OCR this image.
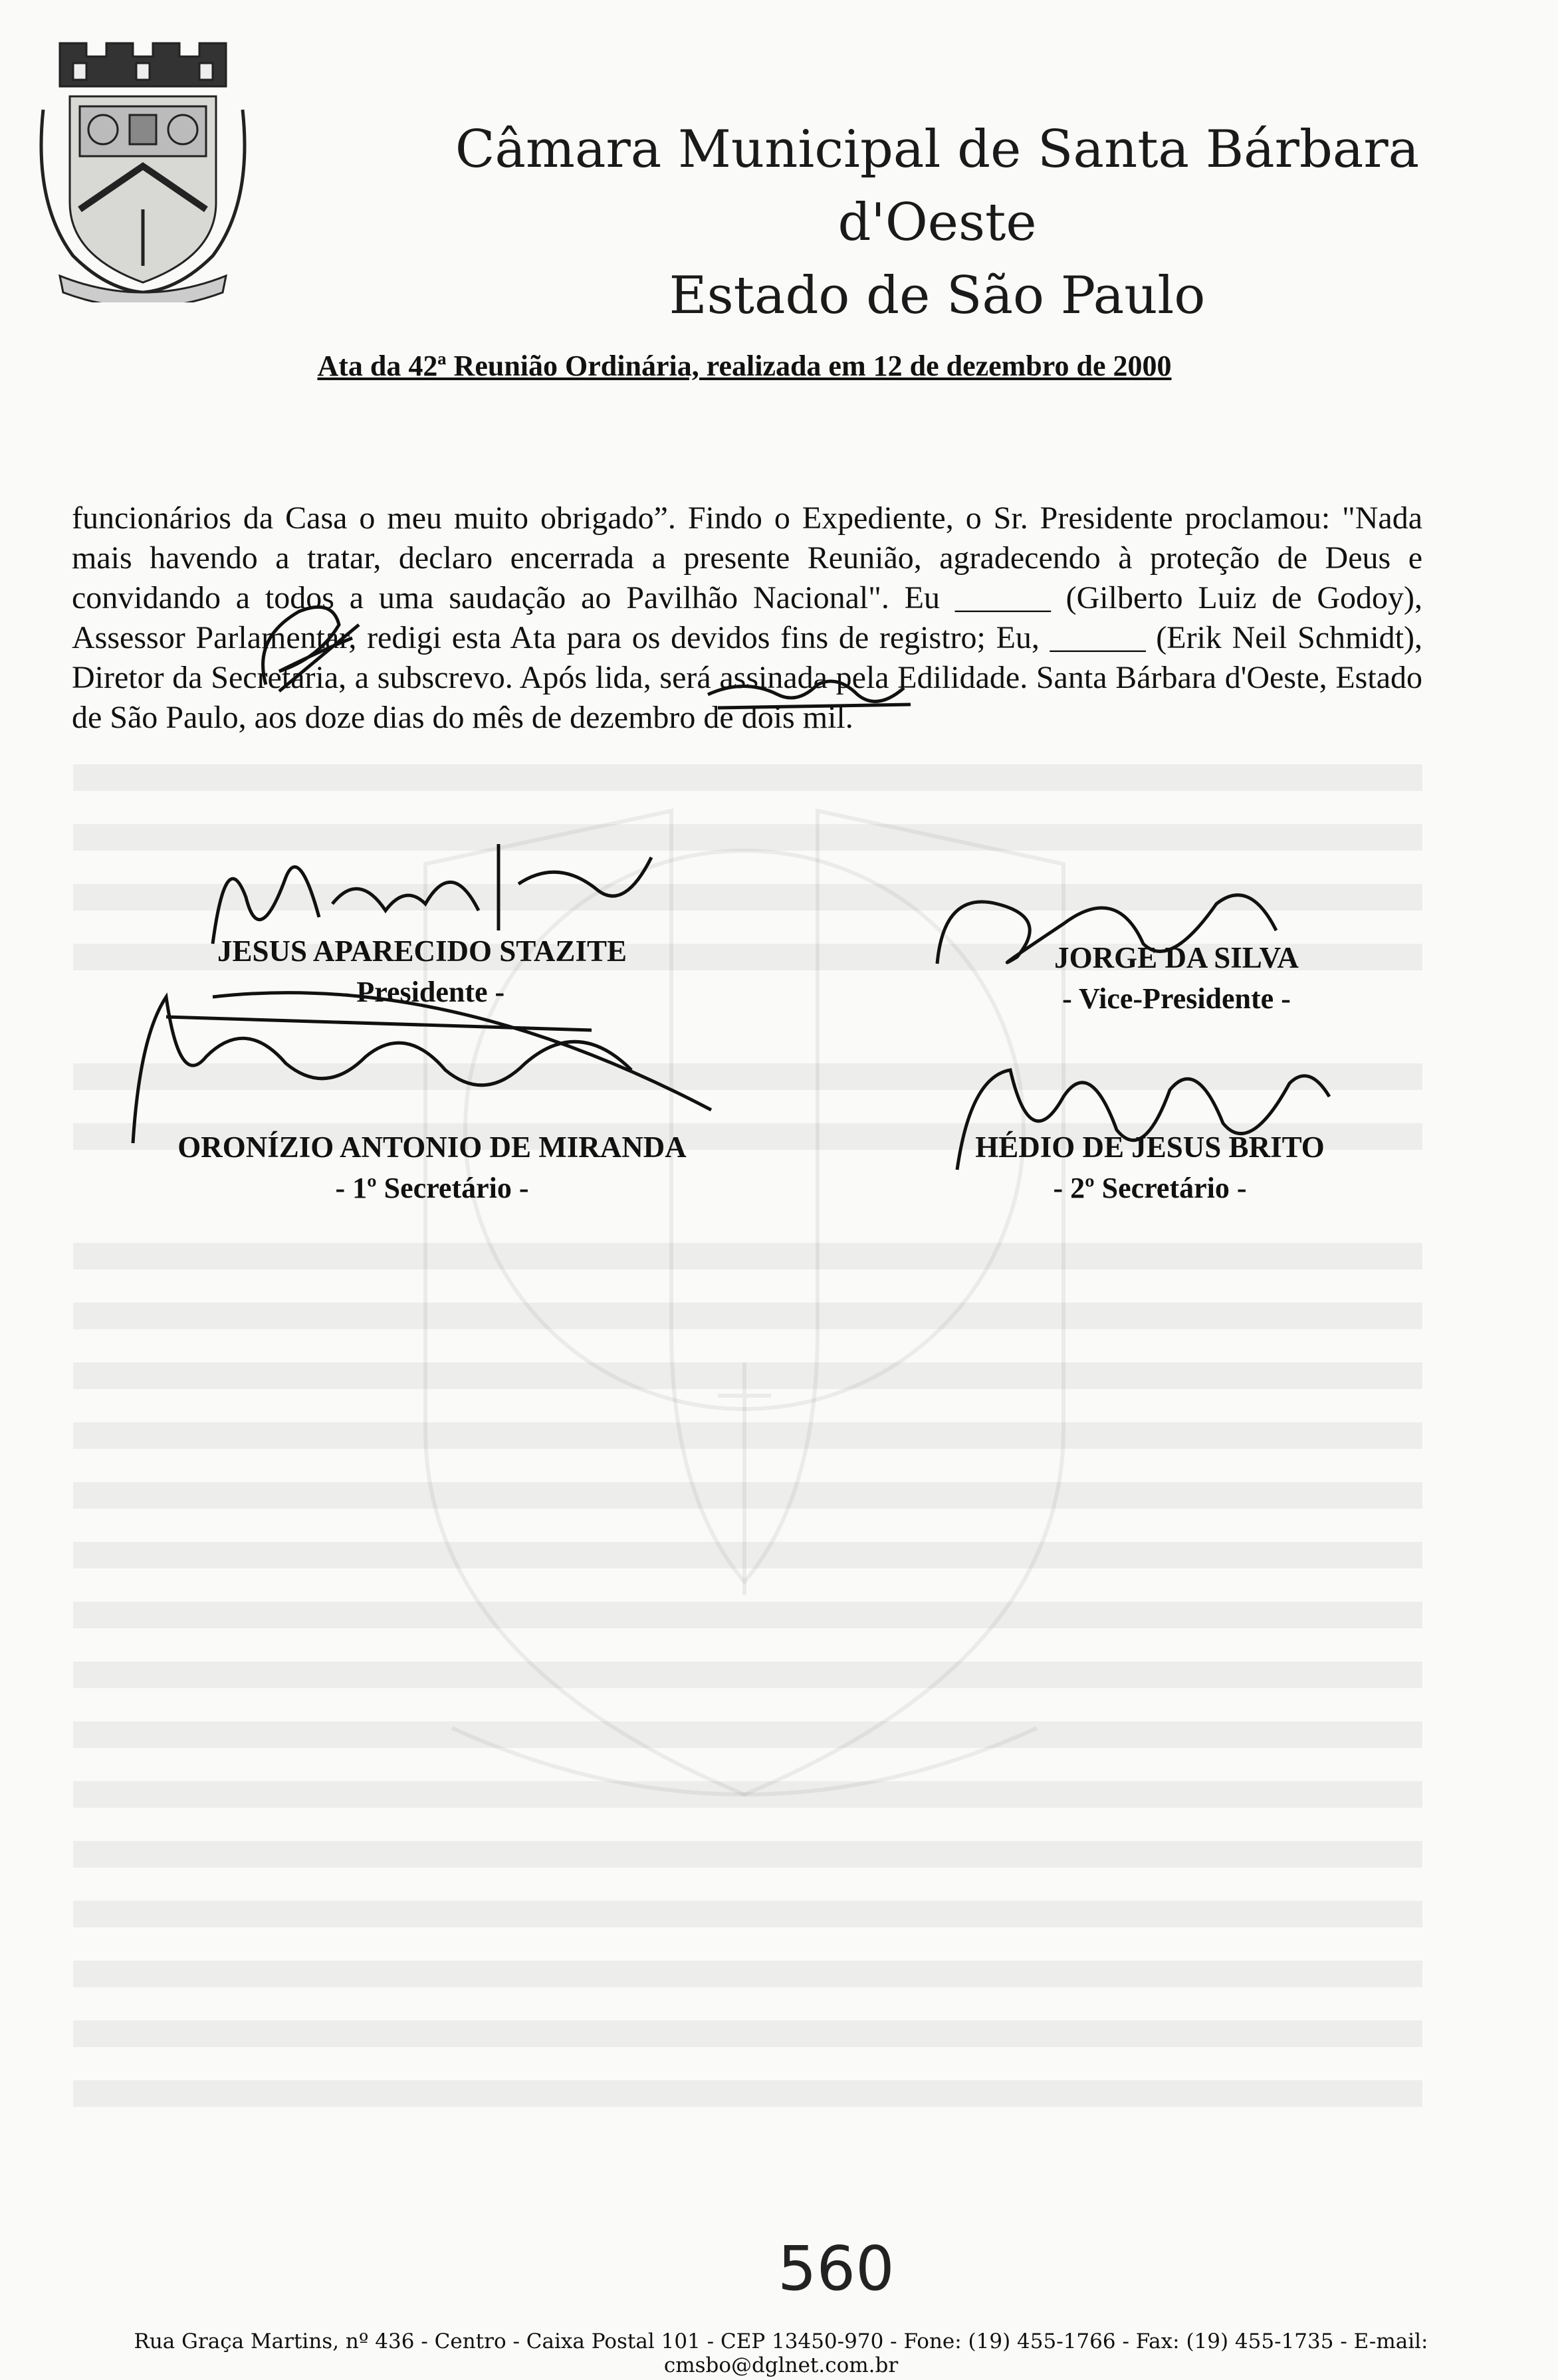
Câmara Municipal de Santa Bárbara d'Oeste
Estado de São Paulo
Ata da 42ª Reunião Ordinária, realizada em 12 de dezembro de 2000

funcionários da Casa o meu muito obrigado”. Findo o Expediente, o Sr. Presidente proclamou: "Nada mais havendo a tratar, declaro encerrada a presente Reunião, agradecendo à proteção de Deus e convidando a todos a uma saudação ao Pavilhão Nacional". Eu ______ (Gilberto Luiz de Godoy), Assessor Parlamentar, redigi esta Ata para os devidos fins de registro; Eu, ______ (Erik Neil Schmidt), Diretor da Secretaria, a subscrevo. Após lida, será assinada pela Edilidade. Santa Bárbara d'Oeste, Estado de São Paulo, aos doze dias do mês de dezembro de dois mil.

JESUS APARECIDO STAZITE
- Presidente -
JORGE DA SILVA
- Vice-Presidente -
ORONÍZIO ANTONIO DE MIRANDA
- 1º Secretário -
HÉDIO DE JESUS BRITO
- 2º Secretário -
560
Rua Graça Martins, nº 436 - Centro - Caixa Postal 101 - CEP 13450-970 - Fone: (19) 455-1766 - Fax: (19) 455-1735 - E-mail: cmsbo@dglnet.com.br
